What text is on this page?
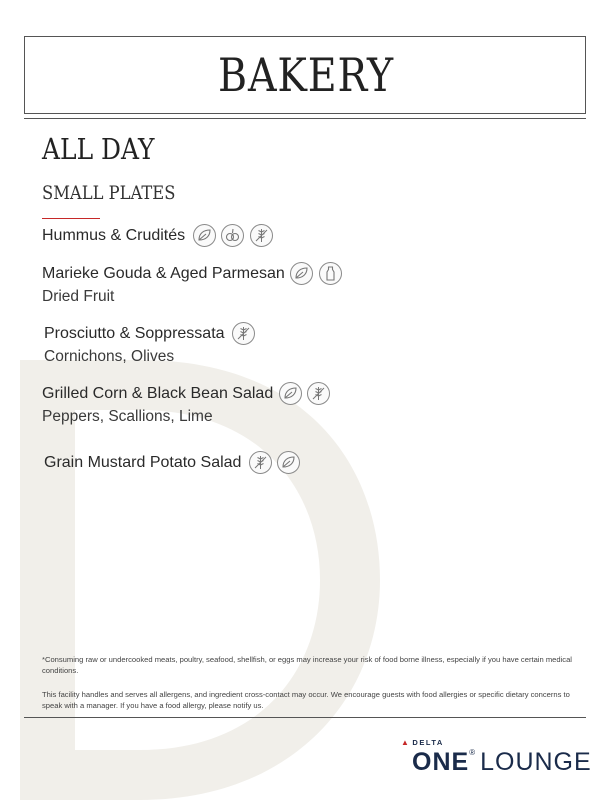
BAKERY
ALL DAY
SMALL PLATES
Hummus & Crudités

Marieke Gouda & Aged Parmesan

Dried Fruit
Prosciutto & Soppressata
Cornichons, Olives
Grilled Corn & Black Bean Salad

Peppers, Scallions, Lime
Grain Mustard Potato Salad

*Consuming raw or undercooked meats, poultry, seafood, shellfish, or eggs may increase your risk of food borne illness, especially if you have certain medical conditions.
This facility handles and serves all allergens, and ingredient cross-contact may occur. We encourage guests with food allergies or specific dietary concerns to speak with a manager. If you have a food allergy, please notify us.
▲ DELTA
ONE® LOUNGE
